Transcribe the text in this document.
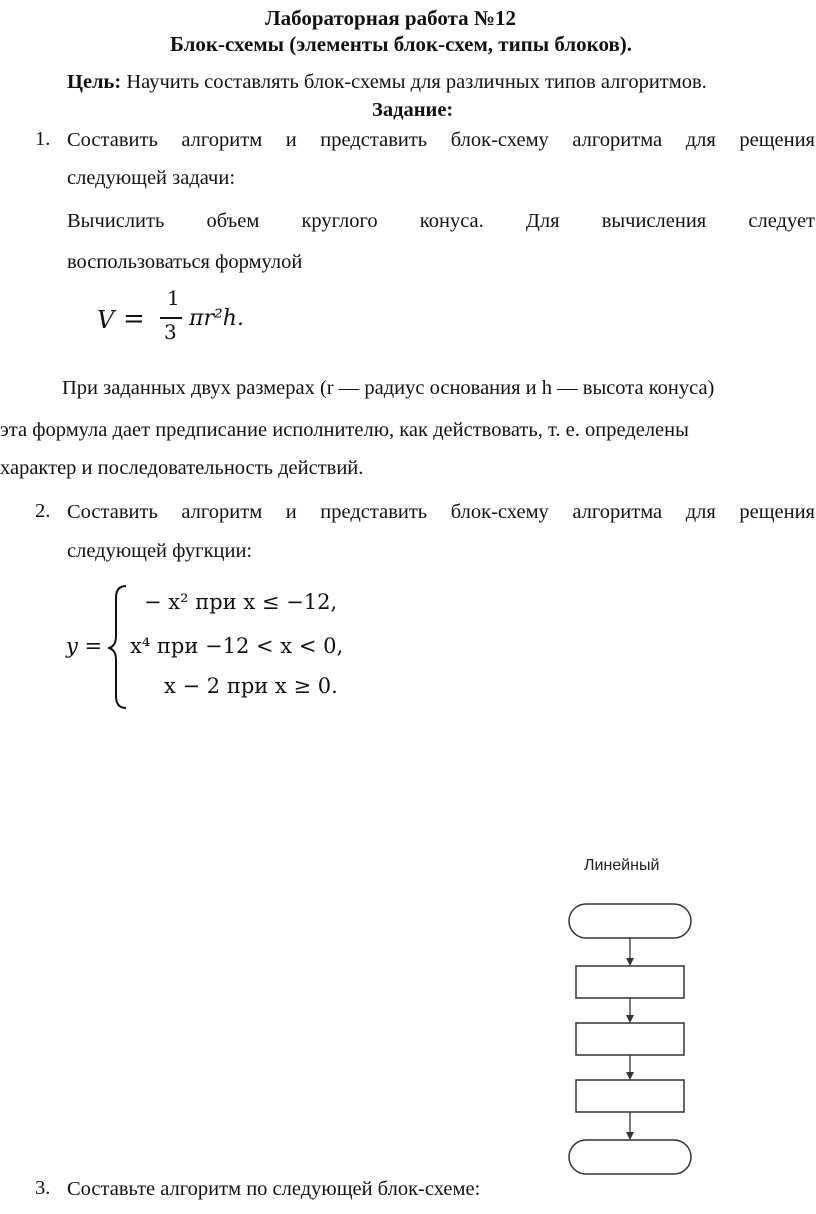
Лабораторная работа №12
Блок-схемы (элементы блок-схем, типы блоков).
Цель: Научить составлять блок-схемы для различных типов алгоритмов.
Задание:
1. Составить алгоритм и представить блок-схему алгоритма для рещения
следующей задачи:
Вычислить объем круглого конуса. Для вычисления следует
воспользоваться формулой
V =
1
3
πr²h.
При заданных двух размерах (r — радиус основания и h — высота конуса)
эта формула дает предписание исполнителю, как действовать, т. е. определены
характер и последовательность действий.
2. Составить алгоритм и представить блок-схему алгоритма для рещения
следующей фугкции:
y =
− x² при x ≤ −12,
x⁴ при −12 < x < 0,
x − 2 при x ≥ 0.
Линейный
3. Составьте алгоритм по следующей блок-схеме:
